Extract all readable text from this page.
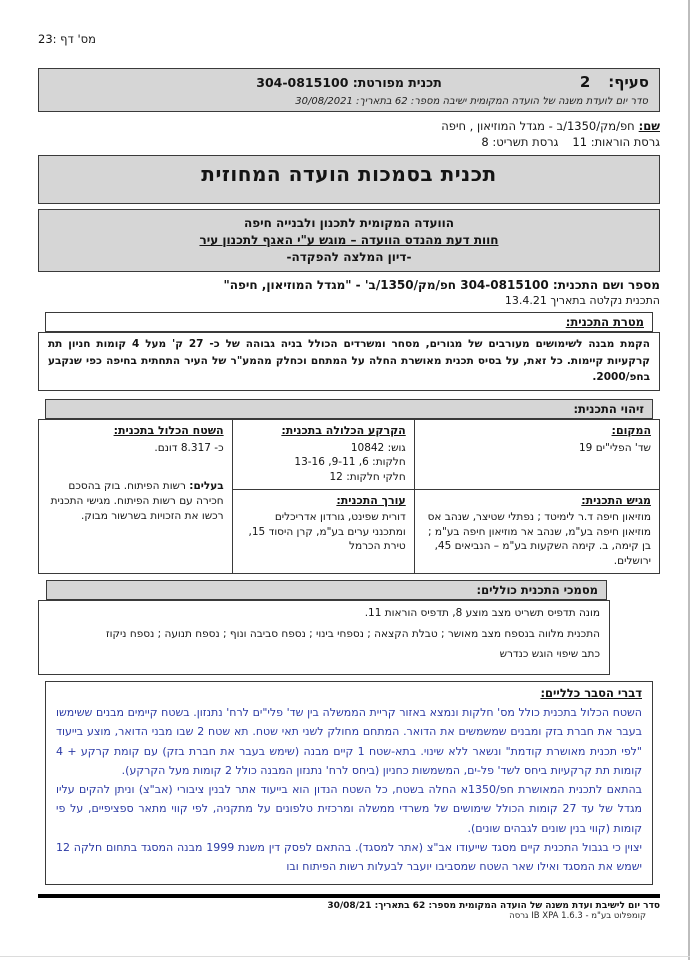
מס' דף :23
סעיף:2
תכנית מפורטת: 304-0815100
סדר יום לועדת משנה של הועדה המקומית ישיבה מספר: 62 בתאריך: 30/08/2021
שם:חפ/מק/1350/ב - מגדל המוזיאון , חיפה
גרסת הוראות: 11גרסת תשריט: 8
תכנית בסמכות הועדה המחוזית
הוועדה המקומית לתכנון ולבנייה חיפה
חוות דעת מהנדס הוועדה – מוגש ע"י האגף לתכנון עיר
-דיון המלצה להפקדה-
מספר ושם התכנית: 304-0815100 חפ/מק/1350/ב' - "מגדל המוזיאון, חיפה"
התכנית נקלטה בתאריך 13.4.21
מטרת התכנית:
הקמת מבנה לשימושים מעורבים של מגורים, מסחר ומשרדים הכולל בניה גבוהה של כ- 27 ק' מעל 4 קומות חניון תת קרקעיות קיימות. כל זאת, על בסיס תכנית מאושרת החלה על המתחם וכחלק מהמע"ר של העיר התחתית בחיפה כפי שנקבע בחפ/2000.
זיהוי התכנית:
המקום:
שד' הפלי"ים 19

הקרקע הכלולה בתכנית:
גוש: 10842
חלקות: 6, 9-11, 13-16
חלקי חלקות: 12

השטח הכלול בתכנית:
כ- 8.317 דונם.
בעלים: רשות הפיתוח. בוק בהסכם חכירה עם רשות הפיתוח. מגישי התכנית רכשו את הזכויות בשרשור מבוק.

מגיש התכנית:
מוזיאון חיפה ד.ר לימיטד ; נפתלי שטיצר, שנהב אס מוזיאון חיפה בע"מ, שנהב אר מוזיאון חיפה בע"מ ; בן קימה, ב. קימה השקעות בע"מ – הנביאים 45, ירושלים.

עורך התכנית:
דורית שפינט, גורדון אדריכלים ומתכנני ערים בע"מ, קרן היסוד 15, טירת הכרמל
מסמכי התכנית כוללים:

מונה תדפיס תשריט מצב מוצע 8, תדפיס הוראות 11.

התכנית מלווה בנספח מצב מאושר ; טבלת הקצאה ; נספחי בינוי ; נספח סביבה ונוף ; נספח תנועה ; נספח ניקוז

כתב שיפוי הוגש כנדרש

דברי הסבר כלליים:

השטח הכלול בתכנית כולל מס' חלקות ונמצא באזור קריית הממשלה בין שד' פלי"ים לרח' נתנזון. בשטח קיימים מבנים ששימשו בעבר את חברת בזק ומבנים שמשמשים את הדואר. המתחם מחולק לשני תאי שטח. תא שטח 2 שבו מבני הדואר, מוצע בייעוד "לפי תכנית מאושרת קודמת" ונשאר ללא שינוי. בתא-שטח 1 קיים מבנה (שימש בעבר את חברת בזק) עם קומת קרקע + 4 קומות תת קרקעיות ביחס לשד' פל-ים, המשמשות כחניון (ביחס לרח' נתנזון המבנה כולל 2 קומות מעל הקרקע).

בהתאם לתכנית המאושרת חפ/1350א החלה בשטח, כל השטח הנדון הוא בייעוד אתר לבנין ציבורי (אב"צ) וניתן להקים עליו מגדל של עד 27 קומות הכולל שימושים של משרדי ממשלה ומרכזית טלפונים על מתקניה, לפי קווי מתאר ספציפיים, על פי קומות (קווי בנין שונים לגבהים שונים).

יצוין כי בגבול התכנית קיים מסגד שייעודו אב"צ (אתר למסגד). בהתאם לפסק דין משנת 1999 מבנה המסגד בתחום חלקה 12 ישמש את המסגד ואילו שאר השטח שמסביבו יועבר לבעלות רשות הפיתוח ובו

סדר יום לישיבת ועדת משנה של הועדה המקומית מספר: 62 בתאריך: 30/08/21
גרסה IB XPA 1.6.3 - קומפלוט בע"מ
